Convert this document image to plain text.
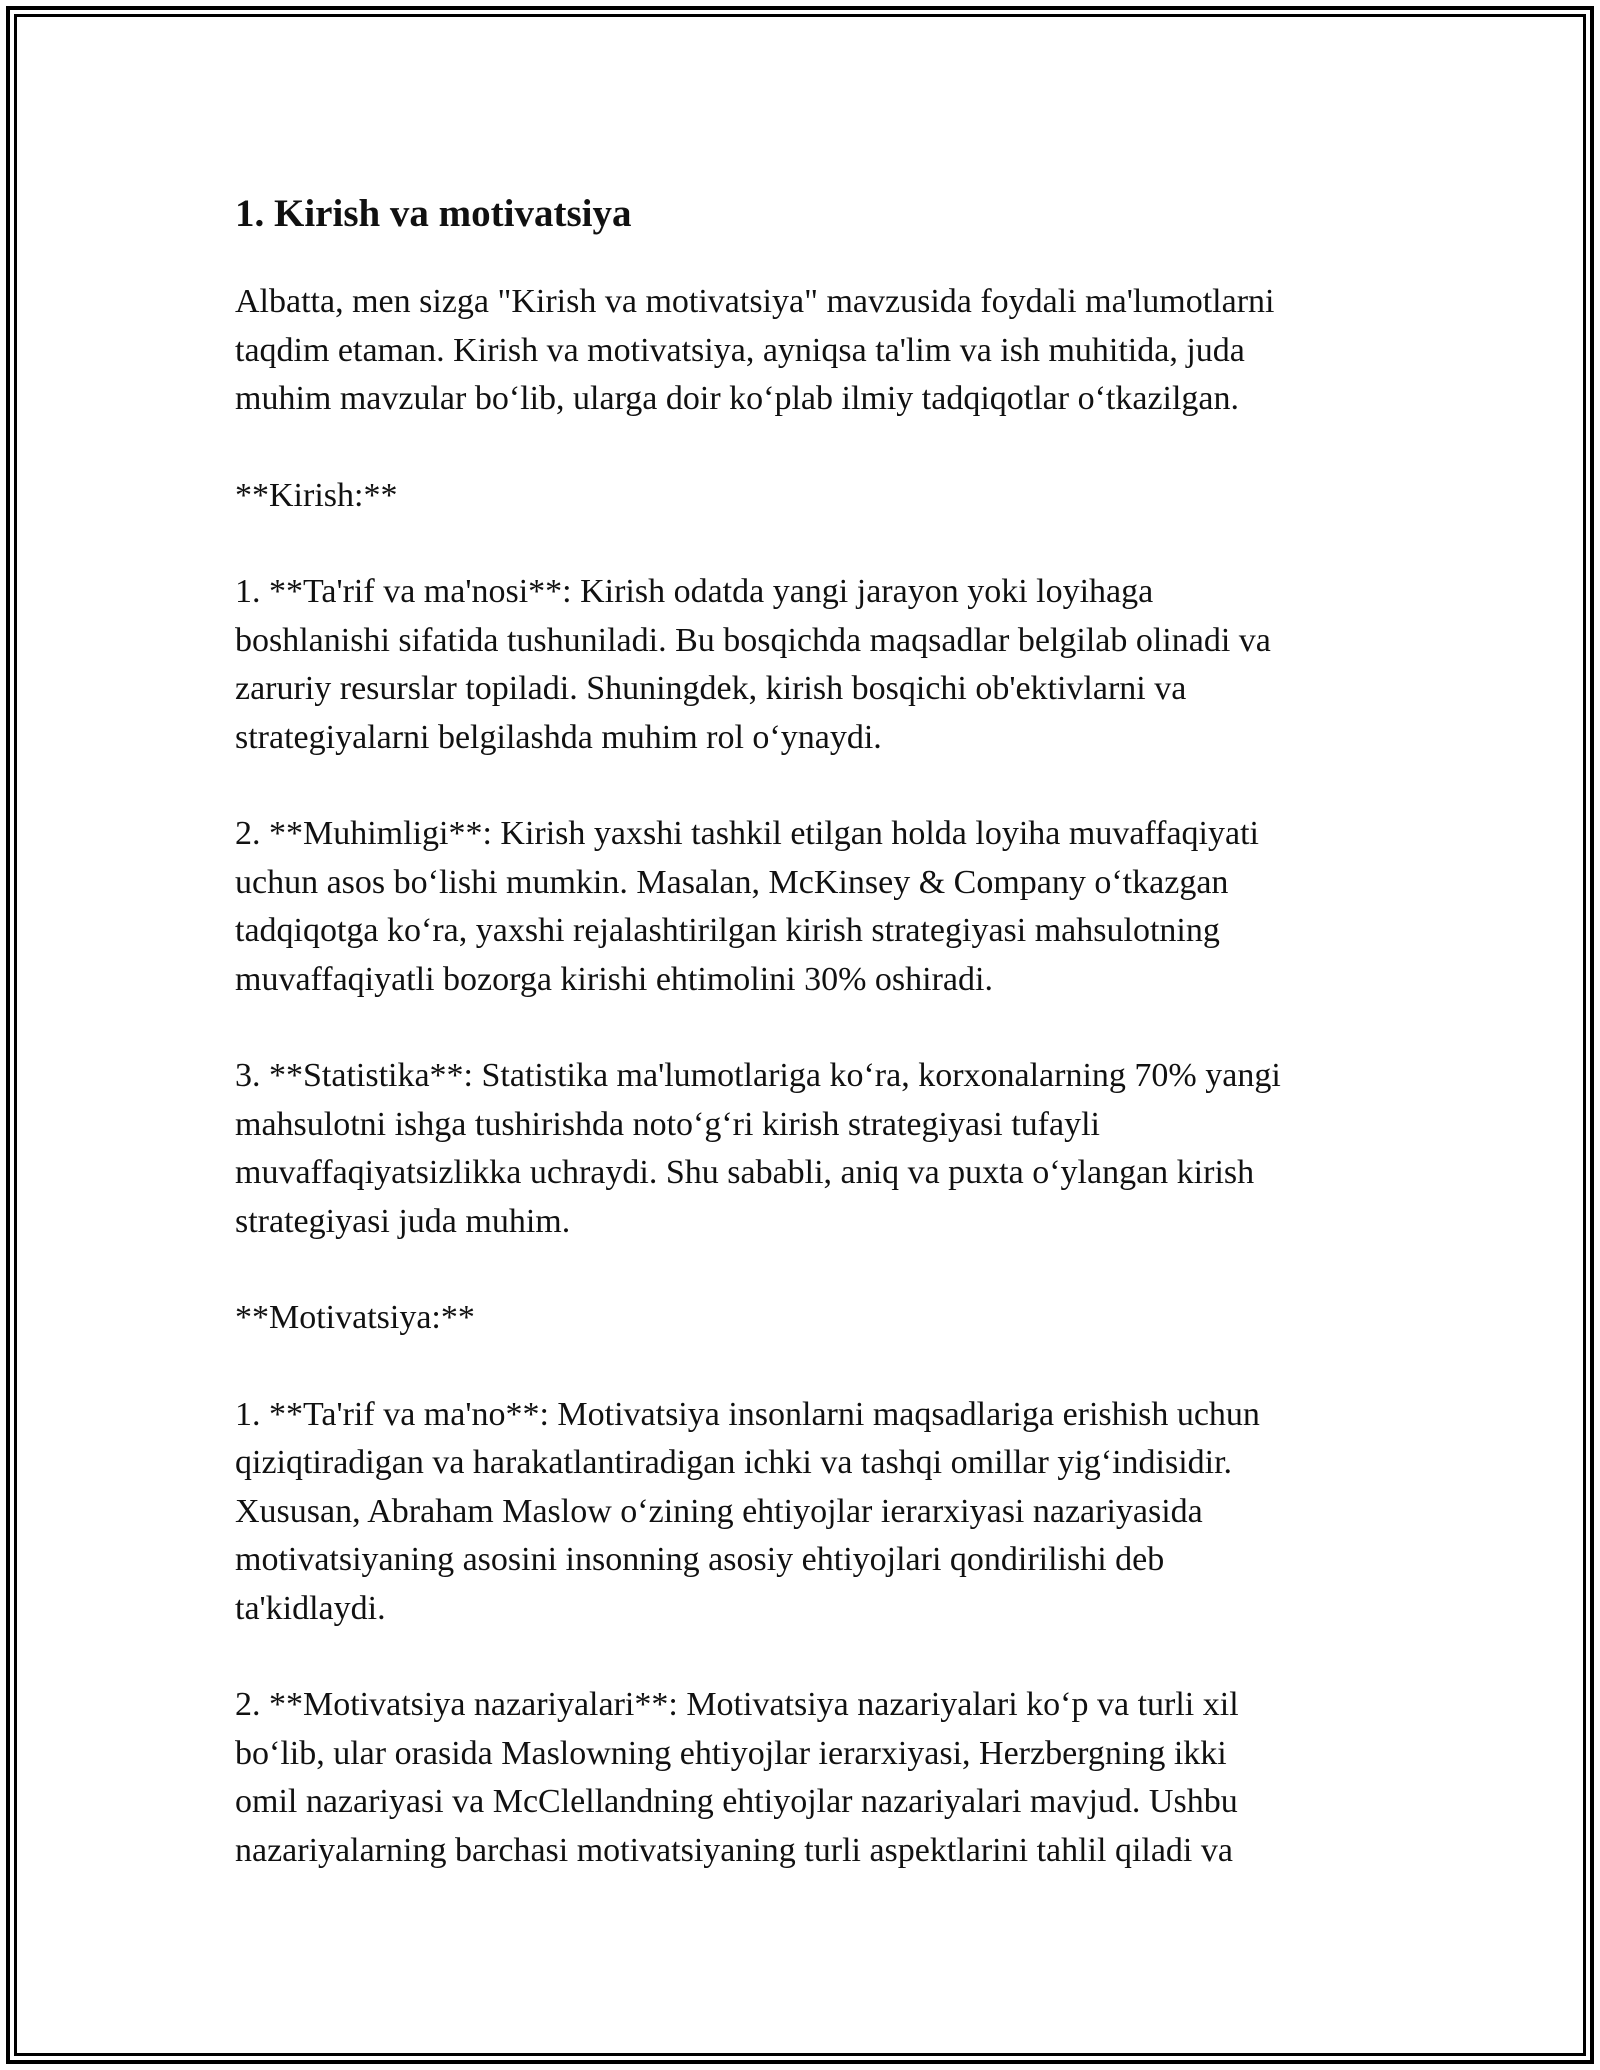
1. Kirish va motivatsiya

Albatta, men sizga "Kirish va motivatsiya" mavzusida foydali ma'lumotlarni
taqdim etaman. Kirish va motivatsiya, ayniqsa ta'lim va ish muhitida, juda
muhim mavzular boʻlib, ularga doir koʻplab ilmiy tadqiqotlar oʻtkazilgan.

**Kirish:**

1. **Ta'rif va ma'nosi**: Kirish odatda yangi jarayon yoki loyihaga
boshlanishi sifatida tushuniladi. Bu bosqichda maqsadlar belgilab olinadi va
zaruriy resurslar topiladi. Shuningdek, kirish bosqichi ob'ektivlarni va
strategiyalarni belgilashda muhim rol oʻynaydi.

2. **Muhimligi**: Kirish yaxshi tashkil etilgan holda loyiha muvaffaqiyati
uchun asos boʻlishi mumkin. Masalan, McKinsey & Company oʻtkazgan
tadqiqotga koʻra, yaxshi rejalashtirilgan kirish strategiyasi mahsulotning
muvaffaqiyatli bozorga kirishi ehtimolini 30% oshiradi.

3. **Statistika**: Statistika ma'lumotlariga koʻra, korxonalarning 70% yangi
mahsulotni ishga tushirishda notoʻgʻri kirish strategiyasi tufayli
muvaffaqiyatsizlikka uchraydi. Shu sababli, aniq va puxta oʻylangan kirish
strategiyasi juda muhim.

**Motivatsiya:**

1. **Ta'rif va ma'no**: Motivatsiya insonlarni maqsadlariga erishish uchun
qiziqtiradigan va harakatlantiradigan ichki va tashqi omillar yigʻindisidir.
Xususan, Abraham Maslow oʻzining ehtiyojlar ierarxiyasi nazariyasida
motivatsiyaning asosini insonning asosiy ehtiyojlari qondirilishi deb
ta'kidlaydi.

2. **Motivatsiya nazariyalari**: Motivatsiya nazariyalari koʻp va turli xil
boʻlib, ular orasida Maslowning ehtiyojlar ierarxiyasi, Herzbergning ikki
omil nazariyasi va McClellandning ehtiyojlar nazariyalari mavjud. Ushbu
nazariyalarning barchasi motivatsiyaning turli aspektlarini tahlil qiladi va
